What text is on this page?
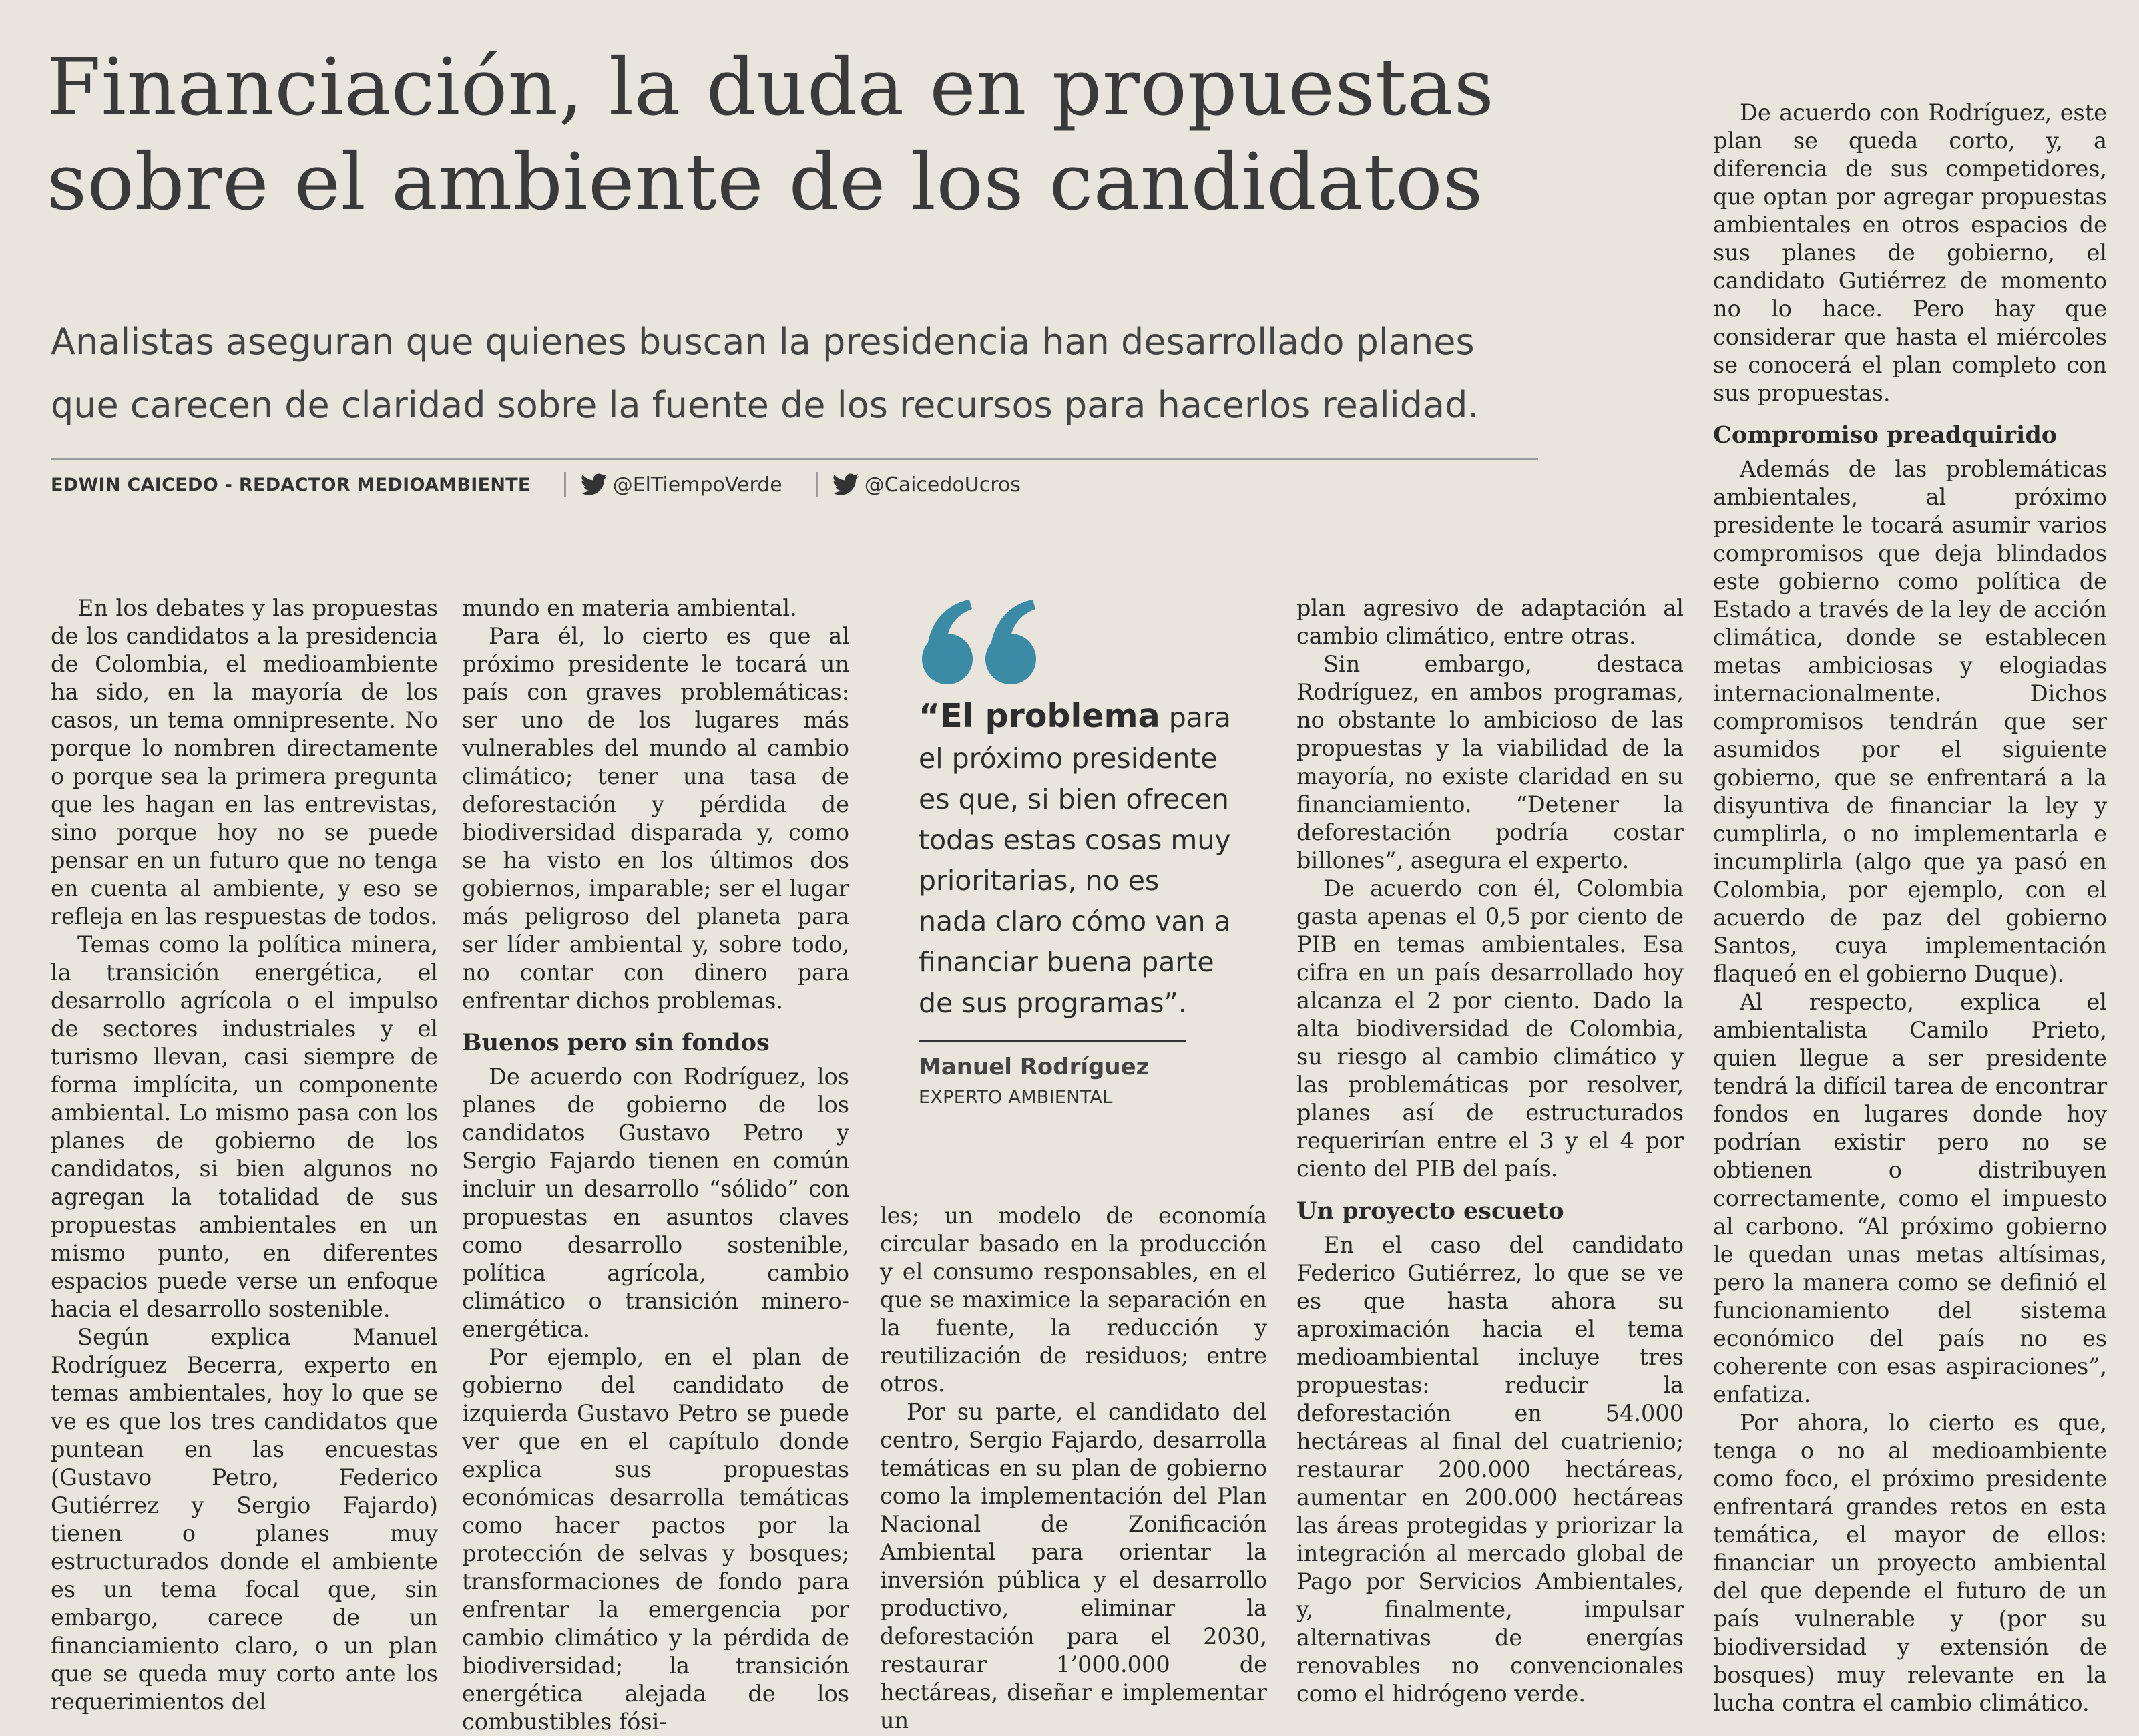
Financiación, la duda en propuestas sobre el ambiente de los candidatos
Analistas aseguran que quienes buscan la presidencia han desarrollado planes que carecen de claridad sobre la fuente de los recursos para hacerlos realidad.
EDWIN CAICEDO - REDACTOR MEDIOAMBIENTE	@ElTiempoVerde	@CaicedoUcros

En los debates y las propuestas de los candidatos a la presidencia de Colombia, el medioambiente ha sido, en la mayoría de los casos, un tema omnipresente. No porque lo nombren directamente o porque sea la primera pregunta que les hagan en las entrevistas, sino porque hoy no se puede pensar en un futuro que no tenga en cuenta al ambiente, y eso se refleja en las respuestas de todos.

Temas como la política minera, la transición energética, el desarrollo agrícola o el impulso de sectores industriales y el turismo llevan, casi siempre de forma implícita, un componente ambiental. Lo mismo pasa con los planes de gobierno de los candidatos, si bien algunos no agregan la totalidad de sus propuestas ambientales en un mismo punto, en diferentes espacios puede verse un enfoque hacia el desarrollo sostenible.

Según explica Manuel Rodríguez Becerra, experto en temas ambientales, hoy lo que se ve es que los tres candidatos que puntean en las encuestas (Gustavo Petro, Federico Gutiérrez y Sergio Fajardo) tienen o planes muy estructurados donde el ambiente es un tema focal que, sin embargo, carece de un financiamiento claro, o un plan que se queda muy corto ante los requerimientos del

mundo en materia ambiental.

Para él, lo cierto es que al próximo presidente le tocará un país con graves problemáticas: ser uno de los lugares más vulnerables del mundo al cambio climático; tener una tasa de deforestación y pérdida de biodiversidad disparada y, como se ha visto en los últimos dos gobiernos, imparable; ser el lugar más peligroso del planeta para ser líder ambiental y, sobre todo, no contar con dinero para enfrentar dichos problemas.

Buenos pero sin fondos

De acuerdo con Rodríguez, los planes de gobierno de los candidatos Gustavo Petro y Sergio Fajardo tienen en común incluir un desarrollo “sólido” con propuestas en asuntos claves como desarrollo sostenible, política agrícola, cambio climático o transición minero-energética.

Por ejemplo, en el plan de gobierno del candidato de izquierda Gustavo Petro se puede ver que en el capítulo donde explica sus propuestas económicas desarrolla temáticas como hacer pactos por la protección de selvas y bosques; transformaciones de fondo para enfrentar la emergencia por cambio climático y la pérdida de biodiversidad; la transición energética alejada de los combustibles fósi-

“El problema para el próximo presidente es que, si bien ofrecen todas estas cosas muy prioritarias, no es nada claro cómo van a financiar buena parte de sus programas”.
Manuel Rodríguez
EXPERTO AMBIENTAL

les; un modelo de economía circular basado en la producción y el consumo responsables, en el que se maximice la separación en la fuente, la reducción y reutilización de residuos; entre otros.

Por su parte, el candidato del centro, Sergio Fajardo, desarrolla temáticas en su plan de gobierno como la implementación del Plan Nacional de Zonificación Ambiental para orientar la inversión pública y el desarrollo productivo, eliminar la deforestación para el 2030, restaurar 1’000.000 de hectáreas, diseñar e implementar un

plan agresivo de adaptación al cambio climático, entre otras.

Sin embargo, destaca Rodríguez, en ambos programas, no obstante lo ambicioso de las propuestas y la viabilidad de la mayoría, no existe claridad en su financiamiento. “Detener la deforestación podría costar billones”, asegura el experto.

De acuerdo con él, Colombia gasta apenas el 0,5 por ciento de PIB en temas ambientales. Esa cifra en un país desarrollado hoy alcanza el 2 por ciento. Dado la alta biodiversidad de Colombia, su riesgo al cambio climático y las problemáticas por resolver, planes así de estructurados requerirían entre el 3 y el 4 por ciento del PIB del país.

Un proyecto escueto

En el caso del candidato Federico Gutiérrez, lo que se ve es que hasta ahora su aproximación hacia el tema medioambiental incluye tres propuestas: reducir la deforestación en 54.000 hectáreas al final del cuatrienio; restaurar 200.000 hectáreas, aumentar en 200.000 hectáreas las áreas protegidas y priorizar la integración al mercado global de Pago por Servicios Ambientales, y, finalmente, impulsar alternativas de energías renovables no convencionales como el hidrógeno verde.

De acuerdo con Rodríguez, este plan se queda corto, y, a diferencia de sus competidores, que optan por agregar propuestas ambientales en otros espacios de sus planes de gobierno, el candidato Gutiérrez de momento no lo hace. Pero hay que considerar que hasta el miércoles se conocerá el plan completo con sus propuestas.

Compromiso preadquirido

Además de las problemáticas ambientales, al próximo presidente le tocará asumir varios compromisos que deja blindados este gobierno como política de Estado a través de la ley de acción climática, donde se establecen metas ambiciosas y elogiadas internacionalmente. Dichos compromisos tendrán que ser asumidos por el siguiente gobierno, que se enfrentará a la disyuntiva de financiar la ley y cumplirla, o no implementarla e incumplirla (algo que ya pasó en Colombia, por ejemplo, con el acuerdo de paz del gobierno Santos, cuya implementación flaqueó en el gobierno Duque).

Al respecto, explica el ambientalista Camilo Prieto, quien llegue a ser presidente tendrá la difícil tarea de encontrar fondos en lugares donde hoy podrían existir pero no se obtienen o distribuyen correctamente, como el impuesto al carbono. “Al próximo gobierno le quedan unas metas altísimas, pero la manera como se definió el funcionamiento del sistema económico del país no es coherente con esas aspiraciones”, enfatiza.

Por ahora, lo cierto es que, tenga o no al medioambiente como foco, el próximo presidente enfrentará grandes retos en esta temática, el mayor de ellos: financiar un proyecto ambiental del que depende el futuro de un país vulnerable y (por su biodiversidad y extensión de bosques) muy relevante en la lucha contra el cambio climático.
